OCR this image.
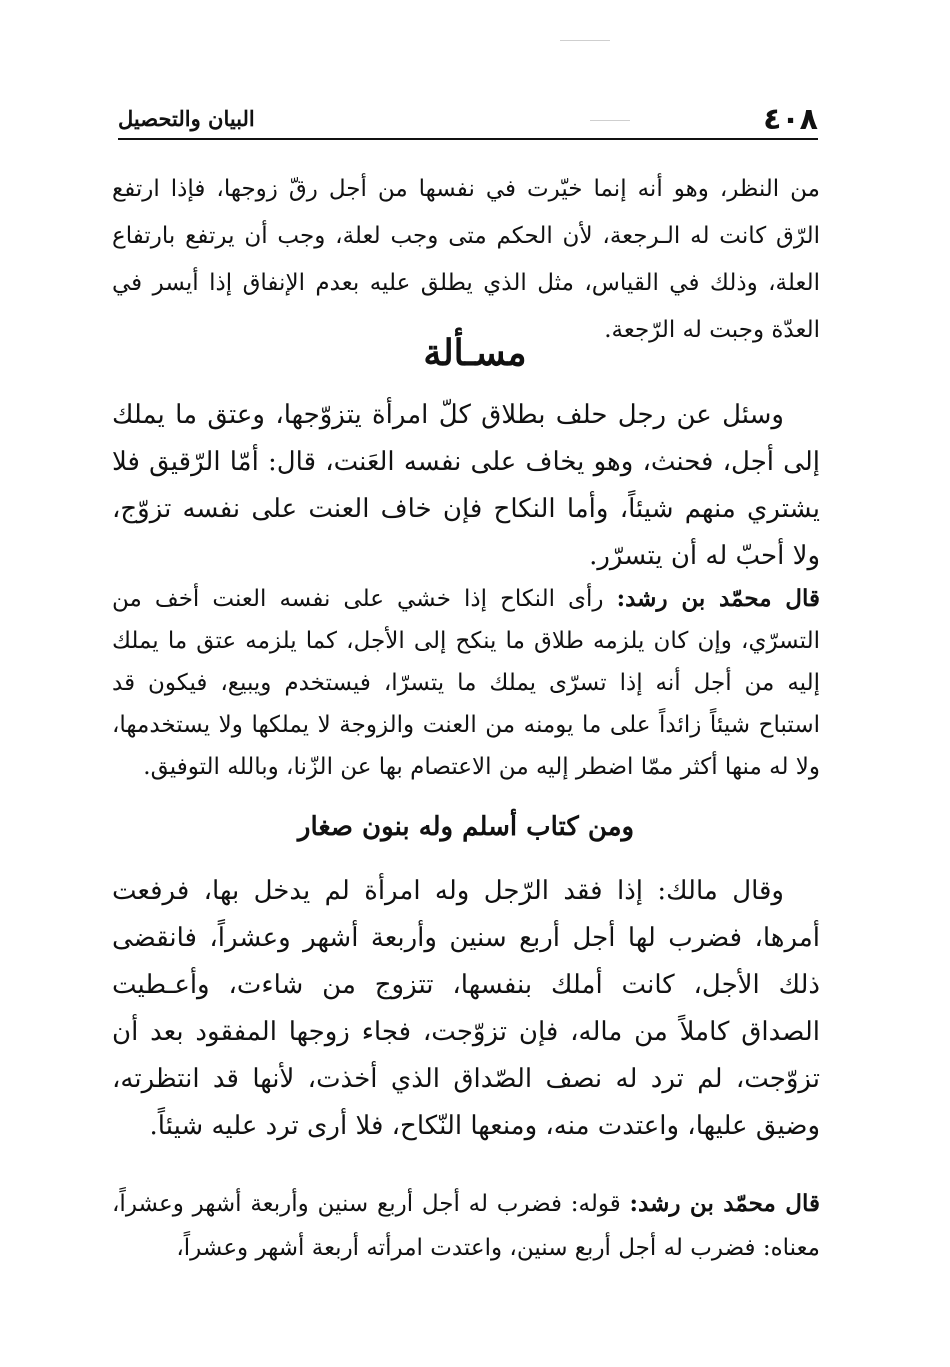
٤٠٨
البيان والتحصيل
من النظر، وهو أنه إنما خيّرت في نفسها من أجل رقّ زوجها، فإذا ارتفع الرّق كانت له الـرجعة، لأن الحكم متى وجب لعلة، وجب أن يرتفع بارتفاع العلة، وذلك في القياس، مثل الذي يطلق عليه بعدم الإنفاق إذا أيسر في العدّة وجبت له الرّجعة.
مسـألة
وسئل عن رجل حلف بطلاق كلّ امرأة يتزوّجها، وعتق ما يملك إلى أجل، فحنث، وهو يخاف على نفسه العَنت، قال: أمّا الرّقيق فلا يشتري منهم شيئاً، وأما النكاح فإن خاف العنت على نفسه تزوّج، ولا أحبّ له أن يتسرّر.
قال محمّد بن رشد: رأى النكاح إذا خشي على نفسه العنت أخف من التسرّي، وإن كان يلزمه طلاق ما ينكح إلى الأجل، كما يلزمه عتق ما يملك إليه من أجل أنه إذا تسرّى يملك ما يتسرّا، فيستخدم ويبيع، فيكون قد استباح شيئاً زائداً على ما يومنه من العنت والزوجة لا يملكها ولا يستخدمها، ولا له منها أكثر ممّا اضطر إليه من الاعتصام بها عن الزّنا، وبالله التوفيق.
ومن كتاب أسلم وله بنون صغار
وقال مالك: إذا فقد الرّجل وله امرأة لم يدخل بها، فرفعت أمرها، فضرب لها أجل أربع سنين وأربعة أشهر وعشراً، فانقضى ذلك الأجل، كانت أملك بنفسها، تتزوج من شاءت، وأعـطيت الصداق كاملاً من ماله، فإن تزوّجت، فجاء زوجها المفقود بعد أن تزوّجت، لم ترد له نصف الصّداق الذي أخذت، لأنها قد انتظرته، وضيق عليها، واعتدت منه، ومنعها النّكاح، فلا أرى ترد عليه شيئاً.
قال محمّد بن رشد: قوله: فضرب له أجل أربع سنين وأربعة أشهر وعشراً، معناه: فضرب له أجل أربع سنين، واعتدت امرأته أربعة أشهر وعشراً،
